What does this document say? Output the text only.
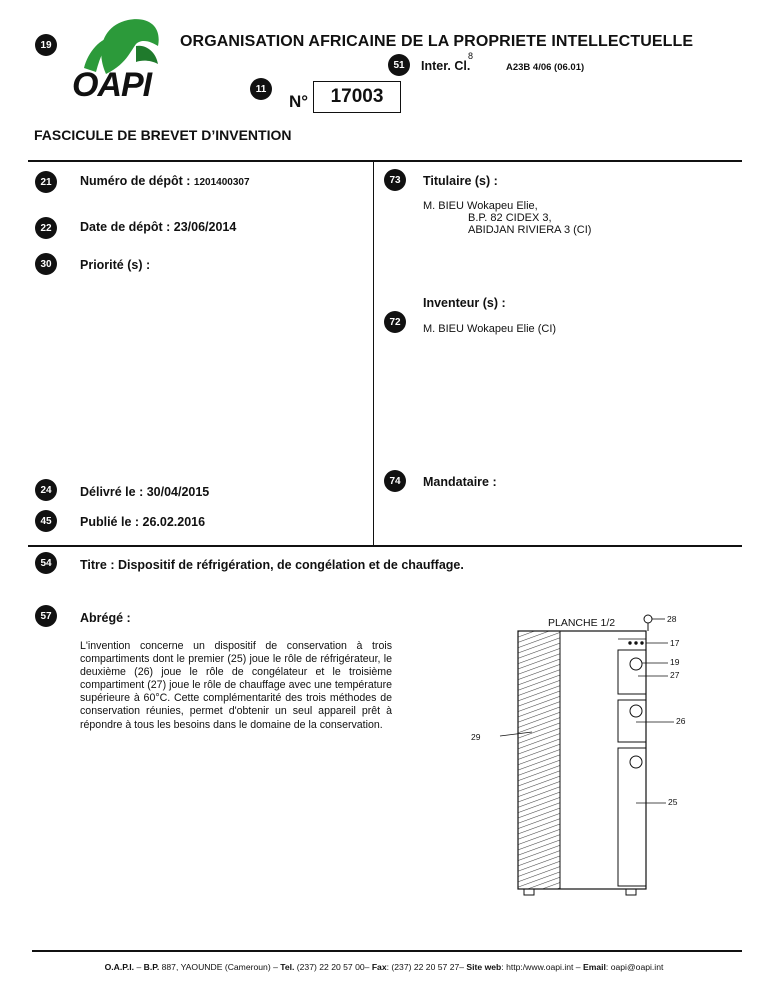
OAPI
19	ORGANISATION AFRICAINE DE LA PROPRIETE INTELLECTUELLE
51	Inter. Cl.
8
A23B 4/06 (06.01)
11
N°	17003
FASCICULE DE BREVET D’INVENTION
21	Numéro de dépôt : 1201400307
22	Date de dépôt : 23/06/2014
30	Priorité (s) :
24	Délivré le : 30/04/2015
45	Publié le : 26.02.2016
73	Titulaire (s) :
M. BIEU Wokapeu Elie,
B.P. 82 CIDEX 3,
ABIDJAN RIVIERA 3 (CI)
Inventeur (s) :
72
M. BIEU Wokapeu Elie (CI)
74	Mandataire :
54	Titre : Dispositif de réfrigération, de congélation et de chauffage.
57	Abrégé :
L'invention concerne un dispositif de conservation à trois compartiments dont le premier (25) joue le rôle de réfrigérateur, le deuxième (26) joue le rôle de congélateur et le troisième compartiment (27) joue le rôle de chauffage avec une température supérieure à 60°C. Cette complémentarité des trois méthodes de conservation réunies, permet d'obtenir un seul appareil prêt à répondre à tous les besoins dans le domaine de la conservation.
PLANCHE 1/2	28
17
19
27
26
29
25
O.A.P.I. – B.P. 887, YAOUNDE (Cameroun) – Tel. (237) 22 20 57 00– Fax: (237) 22 20 57 27– Site web: http:/www.oapi.int – Email: oapi@oapi.int
